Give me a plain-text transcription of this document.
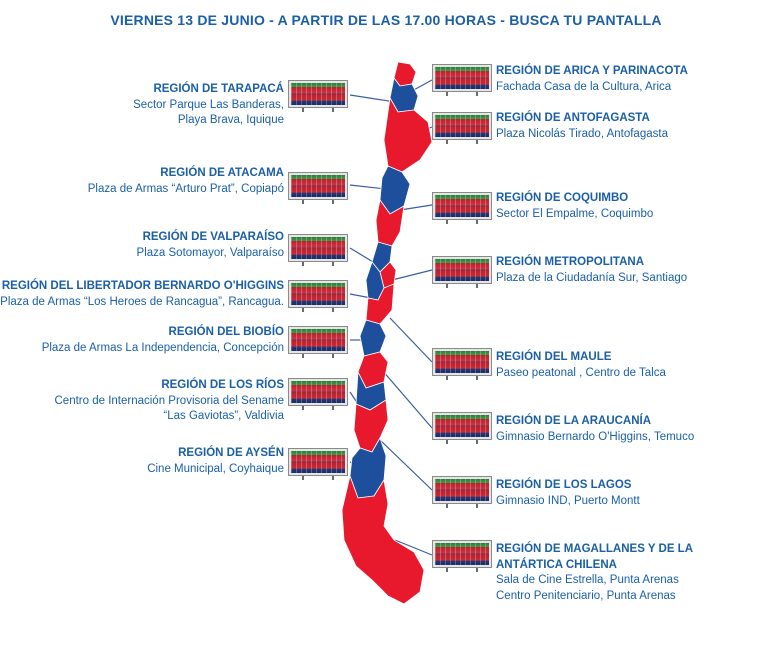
VIERNES 13 DE JUNIO - A PARTIR DE LAS 17.00 HORAS - BUSCA TU PANTALLA
REGIÓN DE TARAPACÁ
Sector Parque Las Banderas,
Playa Brava, Iquique
REGIÓN DE ATACAMA
Plaza de Armas “Arturo Prat”, Copiapó
REGIÓN DE VALPARAÍSO
Plaza Sotomayor, Valparaíso
REGIÓN DEL LIBERTADOR BERNARDO O'HIGGINS
Plaza de Armas “Los Heroes de Rancagua”, Rancagua.
REGIÓN DEL BIOBÍO
Plaza de Armas La Independencia, Concepción
REGIÓN DE LOS RÍOS
Centro de Internación Provisoria del Sename
“Las Gaviotas”, Valdivia
REGIÓN DE AYSÉN
Cine Municipal, Coyhaique
REGIÓN DE ARICA Y PARINACOTA
Fachada Casa de la Cultura, Arica
REGIÓN DE ANTOFAGASTA
Plaza Nicolás Tirado, Antofagasta
REGIÓN DE COQUIMBO
Sector El Empalme, Coquimbo
REGIÓN METROPOLITANA
Plaza de la Ciudadanía Sur, Santiago
REGIÓN DEL MAULE
Paseo peatonal , Centro de Talca
REGIÓN DE LA ARAUCANÍA
Gimnasio Bernardo O'Higgins, Temuco
REGIÓN DE LOS LAGOS
Gimnasio IND, Puerto Montt
REGIÓN DE MAGALLANES Y DE LA
ANTÁRTICA CHILENA
Sala de Cine Estrella, Punta Arenas
Centro Penitenciario, Punta Arenas
